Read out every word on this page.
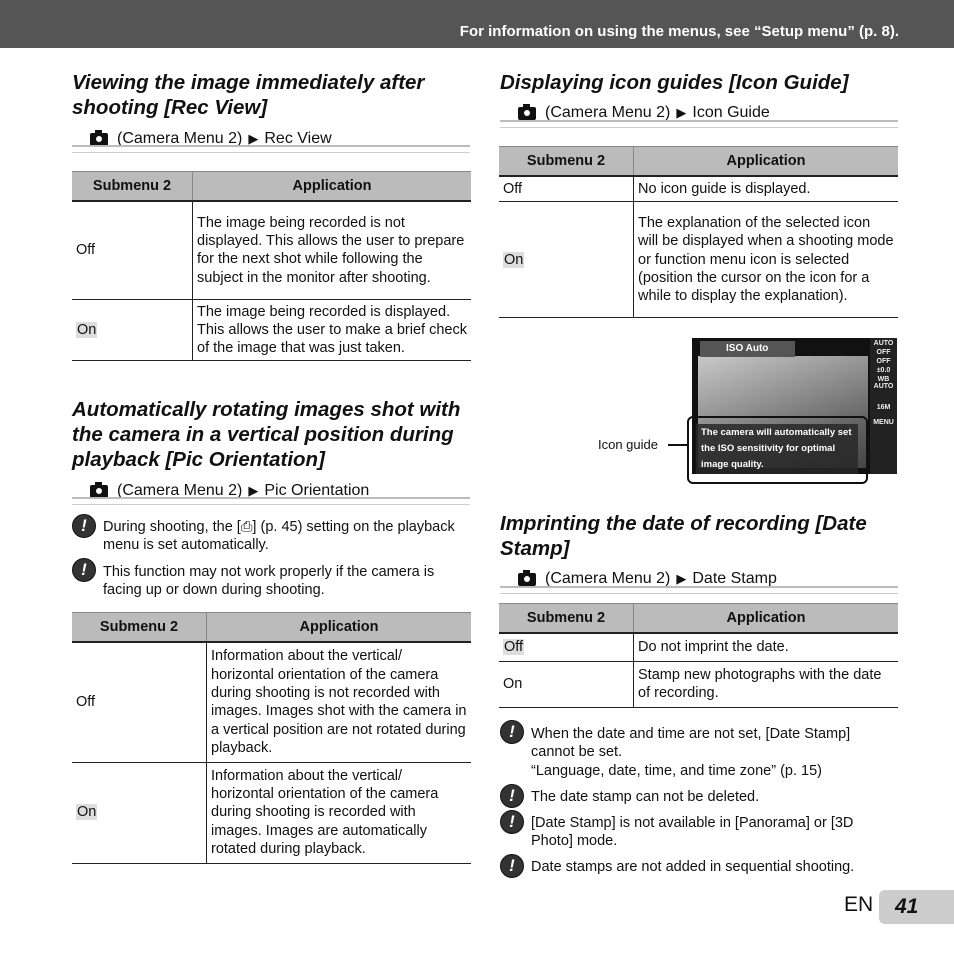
For information on using the menus, see “Setup menu” (p. 8).
Viewing the image immediately after shooting [Rec View]
(Camera Menu 2) ▶ Rec View
Submenu 2	Application
Off	The image being recorded is not displayed. This allows the user to prepare for the next shot while following the subject in the monitor after shooting.
On	The image being recorded is displayed. This allows the user to make a brief check of the image that was just taken.
Automatically rotating images shot with the camera in a vertical position during playback [Pic Orientation]
(Camera Menu 2) ▶ Pic Orientation
!	During shooting, the [⎙] (p. 45) setting on the playback menu is set automatically.
!	This function may not work properly if the camera is facing up or down during shooting.
Submenu 2	Application
Off	Information about the vertical/ horizontal orientation of the camera during shooting is not recorded with images. Images shot with the camera in a vertical position are not rotated during playback.
On	Information about the vertical/ horizontal orientation of the camera during shooting is recorded with images. Images are automatically rotated during playback.
Displaying icon guides [Icon Guide]
(Camera Menu 2) ▶ Icon Guide
Submenu 2	Application
Off	No icon guide is displayed.
On	The explanation of the selected icon will be displayed when a shooting mode or function menu icon is selected (position the cursor on the icon for a while to display the explanation).
ISO Auto	AUTO
OFF
OFF
±0.0
WB AUTO
16M
MENU
The camera will automatically set the ISO sensitivity for optimal image quality.
Icon guide
Imprinting the date of recording [Date Stamp]
(Camera Menu 2) ▶ Date Stamp
Submenu 2	Application
Off	Do not imprint the date.
On	Stamp new photographs with the date of recording.
!	When the date and time are not set, [Date Stamp] cannot be set.
“Language, date, time, and time zone” (p. 15)
!	The date stamp can not be deleted.
!	[Date Stamp] is not available in [Panorama] or [3D Photo] mode.
!	Date stamps are not added in sequential shooting.
EN	41
